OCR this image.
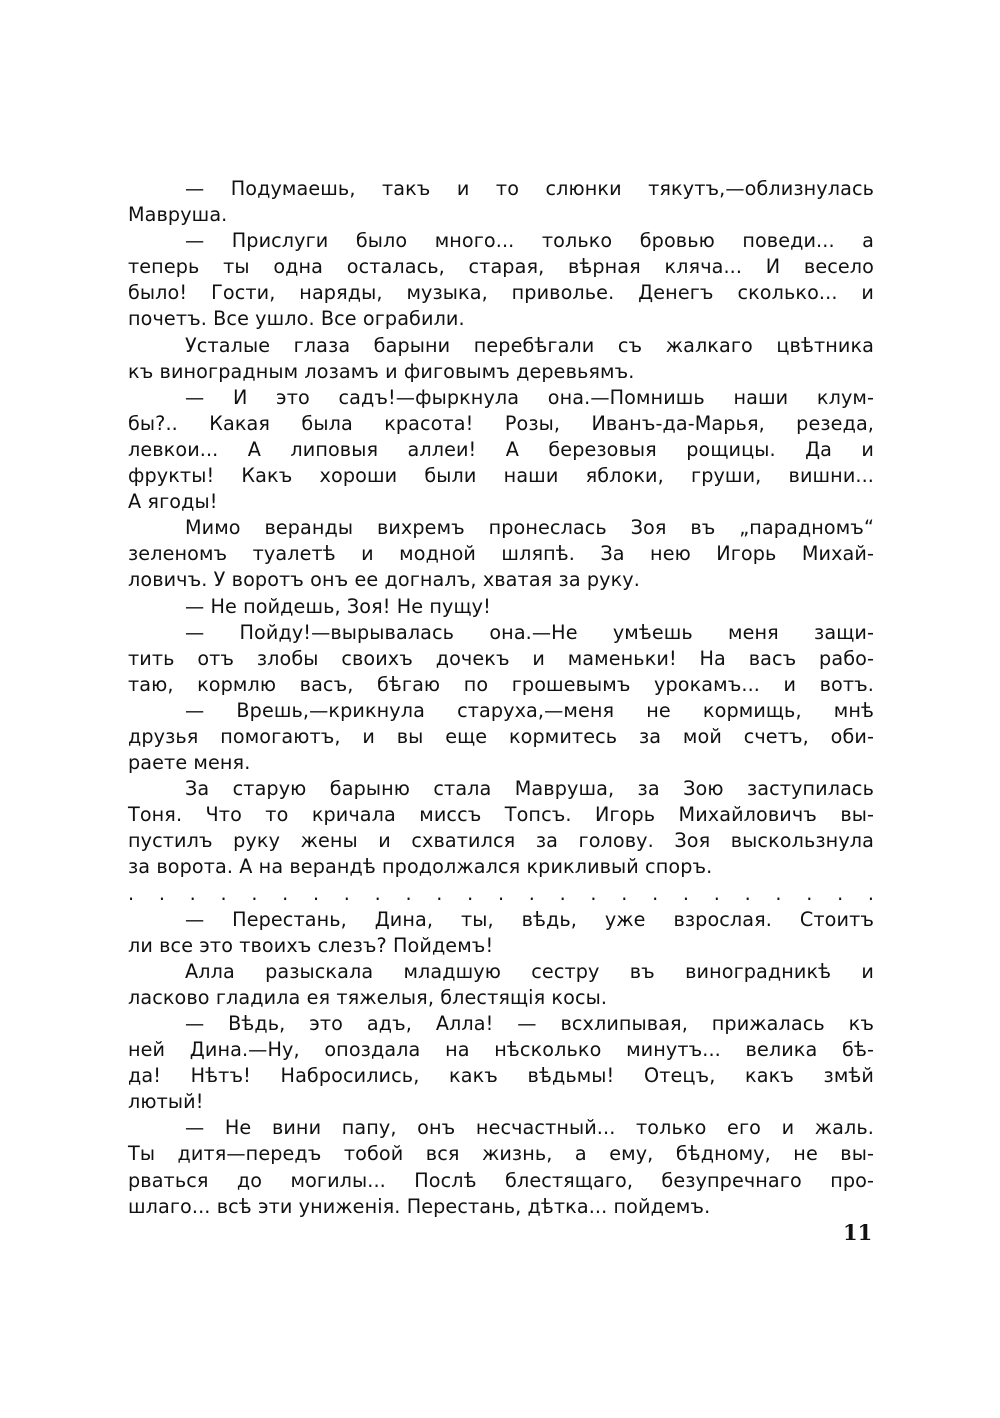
— Подумаешь, такъ и то слюнки тякутъ,—облизнулась
Мавруша.
— Прислуги было много... только бровью поведи... а
теперь ты одна осталась, старая, вѣрная кляча... И весело
было! Гости, наряды, музыка, приволье. Денегъ сколько... и
почетъ. Все ушло. Все ограбили.
Усталые глаза барыни перебѣгали съ жалкаго цвѣтника
къ виноградным лозамъ и фиговымъ деревьямъ.
— И это садъ!—фыркнула она.—Помнишь наши клум-
бы?.. Какая была красота! Розы, Иванъ-да-Марья, резеда,
левкои... А липовыя аллеи! А березовыя рощицы. Да и
фрукты! Какъ хороши были наши яблоки, груши, вишни...
А ягоды!
Мимо веранды вихремъ пронеслась Зоя въ „парадномъ“
зеленомъ туалетѣ и модной шляпѣ. За нею Игорь Михай-
ловичъ. У воротъ онъ ее догналъ, хватая за руку.
— Не пойдешь, Зоя! Не пущу!
— Пойду!—вырывалась она.—Не умѣешь меня защи-
тить отъ злобы своихъ дочекъ и маменьки! На васъ рабо-
таю, кормлю васъ, бѣгаю по грошевымъ урокамъ... и вотъ.
— Врешь,—крикнула старуха,—меня не кормищь, мнѣ
друзья помогаютъ, и вы еще кормитесь за мой счетъ, оби-
раете меня.
За старую барыню стала Мавруша, за Зою заступилась
Тоня. Что то кричала миссъ Топсъ. Игорь Михайловичъ вы-
пустилъ руку жены и схватился за голову. Зоя выскользнула
за ворота. А на верандѣ продолжался крикливый споръ.
. . . . . . . . . . . . . . . . . . . . . . . . .
— Перестань, Дина, ты, вѣдь, уже взрослая. Стоитъ
ли все это твоихъ слезъ? Пойдемъ!
Алла разыскала младшую сестру въ виноградникѣ и
ласково гладила ея тяжелыя, блестящія косы.
— Вѣдь, это адъ, Алла! — всхлипывая, прижалась къ
ней Дина.—Ну, опоздала на нѣсколько минутъ... велика бѣ-
да! Нѣтъ! Набросились, какъ вѣдьмы! Отецъ, какъ змѣй
лютый!
— Не вини папу, онъ несчастный... только его и жаль.
Ты дитя—передъ тобой вся жизнь, а ему, бѣдному, не вы-
рваться до могилы... Послѣ блестящаго, безупречнаго про-
шлаго... всѣ эти униженія. Перестань, дѣтка... пойдемъ.
11
